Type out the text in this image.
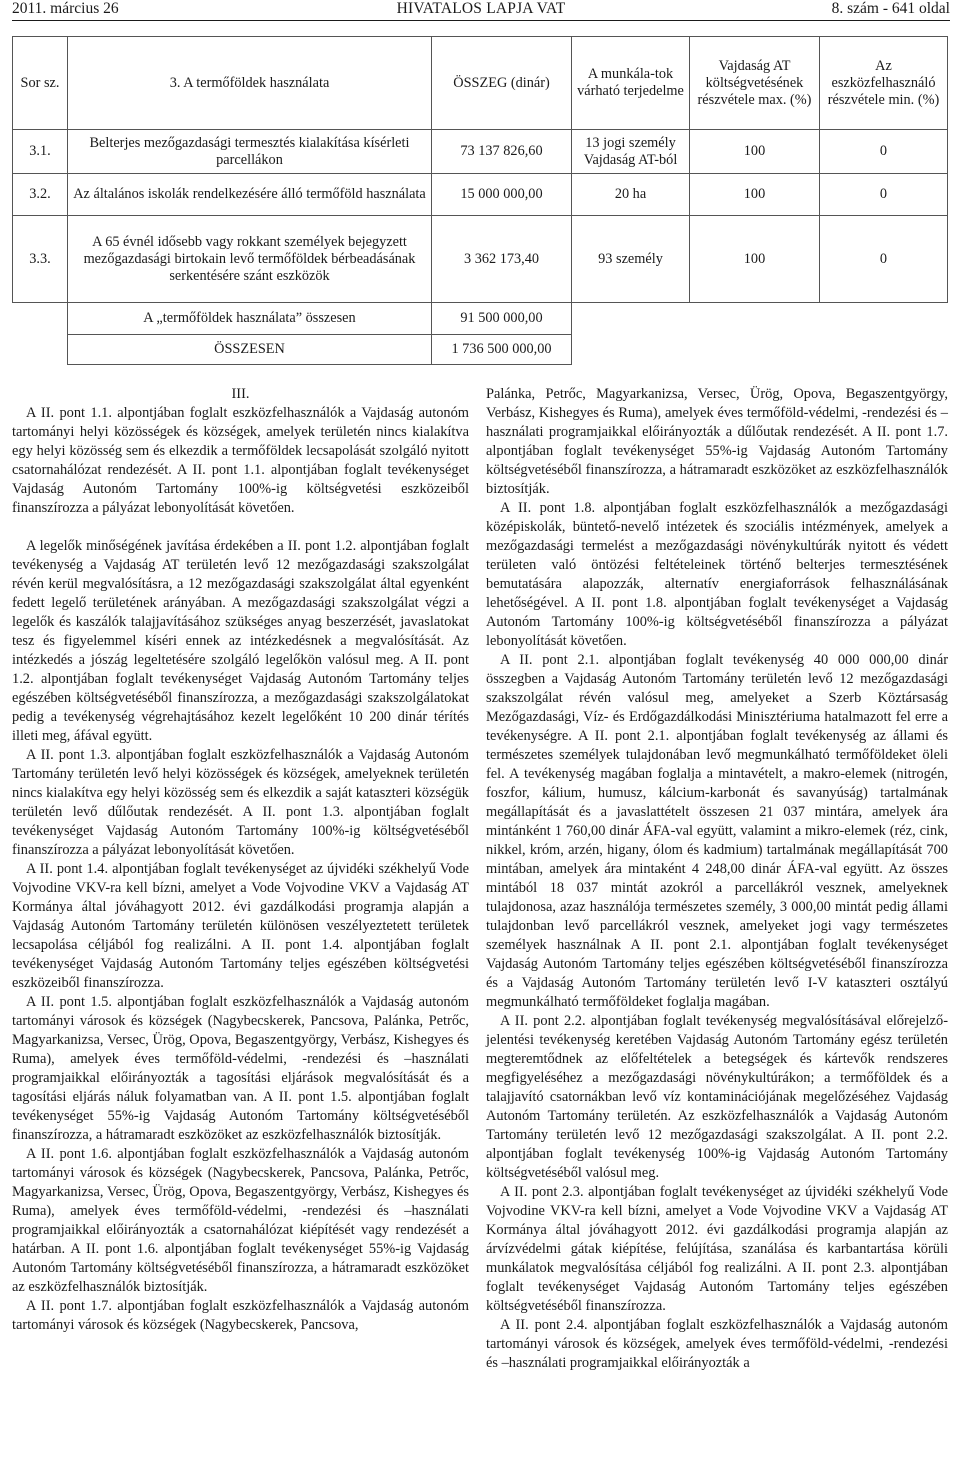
2011. március 26	HIVATALOS LAPJA VAT	8. szám - 641 oldal
Sor sz.	3. A termőföldek használata	ÖSSZEG (dinár)	A munkála-tok várható terjedelme	Vajdaság AT költségvetésének részvétele max. (%)	Az eszközfelhasználó részvétele min. (%)
3.1.	Belterjes mezőgazdasági termesztés kialakítása kísérleti parcellákon	73 137 826,60	13 jogi személy Vajdaság AT-ból	100	0
3.2.	Az általános iskolák rendelkezésére álló termőföld használata	15 000 000,00	20 ha	100	0
3.3.	A 65 évnél idősebb vagy rokkant személyek bejegyzett mezőgazdasági birtokain levő termőföldek bérbeadásának serkentésére szánt eszközök	3 362 173,40	93 személy	100	0
	A „termőföldek használata” összesen	91 500 000,00			
	ÖSSZESEN	1 736 500 000,00			

III.

A II. pont 1.1. alpontjában foglalt eszközfelhasználók a Vajdaság autonóm tartományi helyi közösségek és községek, amelyek területén nincs kialakítva egy helyi közösség sem és elkezdik a termőföldek lecsapolását szolgáló nyitott csatornahálózat rendezését. A II. pont 1.1. alpontjában foglalt tevékenységet Vajdaság Autonóm Tartomány 100%-ig költségvetési eszközeiből finanszírozza a pályázat lebonyolítását követően.

A legelők minőségének javítása érdekében a II. pont 1.2. alpontjában foglalt tevékenység a Vajdaság AT területén levő 12 mezőgazdasági szakszolgálat révén kerül megvalósításra, a 12 mezőgazdasági szakszolgálat által egyenként fedett legelő területének arányában. A mezőgazdasági szakszolgálat végzi a legelők és kaszálók talajjavításához szükséges anyag beszerzését, javaslatokat tesz és figyelemmel kíséri ennek az intézkedésnek a megvalósítását. Az intézkedés a jószág legeltetésére szolgáló legelőkön valósul meg. A II. pont 1.2. alpontjában foglalt tevékenységet Vajdaság Autonóm Tartomány teljes egészében költségvetéséből finanszírozza, a mezőgazdasági szakszolgálatokat pedig a tevékenység végrehajtásához kezelt legelőként 10 200 dinár térítés illeti meg, áfával együtt.

A II. pont 1.3. alpontjában foglalt eszközfelhasználók a Vajdaság Autonóm Tartomány területén levő helyi közösségek és községek, amelyeknek területén nincs kialakítva egy helyi közösség sem és elkezdik a saját kataszteri községük területén levő dűlőutak rendezését. A II. pont 1.3. alpontjában foglalt tevékenységet Vajdaság Autonóm Tartomány 100%-ig költségvetéséből finanszírozza a pályázat lebonyolítását követően.

A II. pont 1.4. alpontjában foglalt tevékenységet az újvidéki székhelyű Vode Vojvodine VKV-ra kell bízni, amelyet a Vode Vojvodine VKV a Vajdaság AT Kormánya által jóváhagyott 2012. évi gazdálkodási programja alapján a Vajdaság Autonóm Tartomány területén különösen veszélyeztetett területek lecsapolása céljából fog realizálni. A II. pont 1.4. alpontjában foglalt tevékenységet Vajdaság Autonóm Tartomány teljes egészében költségvetési eszközeiből finanszírozza.

A II. pont 1.5. alpontjában foglalt eszközfelhasználók a Vajdaság autonóm tartományi városok és községek (Nagybecskerek, Pancsova, Palánka, Petrőc, Magyarkanizsa, Versec, Ürög, Opova, Begaszentgyörgy, Verbász, Kishegyes és Ruma), amelyek éves termőföld-védelmi, -rendezési és –használati programjaikkal előirányozták a tagosítási eljárások megvalósítását és a tagosítási eljárás náluk folyamatban van. A II. pont 1.5. alpontjában foglalt tevékenységet 55%-ig Vajdaság Autonóm Tartomány költségvetéséből finanszírozza, a hátramaradt eszközöket az eszközfelhasználók biztosítják.

A II. pont 1.6. alpontjában foglalt eszközfelhasználók a Vajdaság autonóm tartományi városok és községek (Nagybecskerek, Pancsova, Palánka, Petrőc, Magyarkanizsa, Versec, Ürög, Opova, Begaszentgyörgy, Verbász, Kishegyes és Ruma), amelyek éves termőföld-védelmi, -rendezési és –használati programjaikkal előirányozták a csatornahálózat kiépítését vagy rendezését a határban. A II. pont 1.6. alpontjában foglalt tevékenységet 55%-ig Vajdaság Autonóm Tartomány költségvetéséből finanszírozza, a hátramaradt eszközöket az eszközfelhasználók biztosítják.

A II. pont 1.7. alpontjában foglalt eszközfelhasználók a Vajdaság autonóm tartományi városok és községek (Nagybecskerek, Pancsova,

Palánka, Petrőc, Magyarkanizsa, Versec, Ürög, Opova, Begaszentgyörgy, Verbász, Kishegyes és Ruma), amelyek éves termőföld-védelmi, -rendezési és –használati programjaikkal előirányozták a dűlőutak rendezését. A II. pont 1.7. alpontjában foglalt tevékenységet 55%-ig Vajdaság Autonóm Tartomány költségvetéséből finanszírozza, a hátramaradt eszközöket az eszközfelhasználók biztosítják.

A II. pont 1.8. alpontjában foglalt eszközfelhasználók a mezőgazdasági középiskolák, büntető-nevelő intézetek és szociális intézmények, amelyek a mezőgazdasági termelést a mezőgazdasági növénykultúrák nyitott és védett területen való öntözési feltételeinek történő belterjes termesztésének bemutatására alapozzák, alternatív energiaforrások felhasználásának lehetőségével. A II. pont 1.8. alpontjában foglalt tevékenységet a Vajdaság Autonóm Tartomány 100%-ig költségvetéséből finanszírozza a pályázat lebonyolítását követően.

A II. pont 2.1. alpontjában foglalt tevékenység 40 000 000,00 dinár összegben a Vajdaság Autonóm Tartomány területén levő 12 mezőgazdasági szakszolgálat révén valósul meg, amelyeket a Szerb Köztársaság Mezőgazdasági, Víz- és Erdőgazdálkodási Minisztériuma hatalmazott fel erre a tevékenységre. A II. pont 2.1. alpontjában foglalt tevékenység az állami és természetes személyek tulajdonában levő megmunkálható termőföldeket öleli fel. A tevékenység magában foglalja a mintavételt, a makro-elemek (nitrogén, foszfor, kálium, humusz, kálcium-karbonát és savanyúság) tartalmának megállapítását és a javaslattételt összesen 21 037 mintára, amelyek ára mintánként 1 760,00 dinár ÁFA-val együtt, valamint a mikro-elemek (réz, cink, nikkel, króm, arzén, higany, ólom és kadmium) tartalmának megállapítását 700 mintában, amelyek ára mintaként 4 248,00 dinár ÁFA-val együtt. Az összes mintából 18 037 mintát azokról a parcellákról vesznek, amelyeknek tulajdonosa, azaz használója természetes személy, 3 000,00 mintát pedig állami tulajdonban levő parcellákról vesznek, amelyeket jogi vagy természetes személyek használnak A II. pont 2.1. alpontjában foglalt tevékenységet Vajdaság Autonóm Tartomány teljes egészében költségvetéséből finanszírozza és a Vajdaság Autonóm Tartomány területén levő I-V kataszteri osztályú megmunkálható termőföldeket foglalja magában.

A II. pont 2.2. alpontjában foglalt tevékenység megvalósításával előrejelző-jelentési tevékenység keretében Vajdaság Autonóm Tartomány egész területén megteremtődnek az előfeltételek a betegségek és kártevők rendszeres megfigyeléséhez a mezőgazdasági növénykultúrákon; a termőföldek és a talajjavító csatornákban levő víz kontaminációjának megelőzéséhez Vajdaság Autonóm Tartomány területén. Az eszközfelhasználók a Vajdaság Autonóm Tartomány területén levő 12 mezőgazdasági szakszolgálat. A II. pont 2.2. alpontjában foglalt tevékenység 100%-ig Vajdaság Autonóm Tartomány költségvetéséből valósul meg.

A II. pont 2.3. alpontjában foglalt tevékenységet az újvidéki székhelyű Vode Vojvodine VKV-ra kell bízni, amelyet a Vode Vojvodine VKV a Vajdaság AT Kormánya által jóváhagyott 2012. évi gazdálkodási programja alapján az árvízvédelmi gátak kiépítése, felújítása, szanálása és karbantartása körüli munkálatok megvalósítása céljából fog realizálni. A II. pont 2.3. alpontjában foglalt tevékenységet Vajdaság Autonóm Tartomány teljes egészében költségvetéséből finanszírozza.

A II. pont 2.4. alpontjában foglalt eszközfelhasználók a Vajdaság autonóm tartományi városok és községek, amelyek éves termőföld-védelmi, -rendezési és –használati programjaikkal előirányozták a
